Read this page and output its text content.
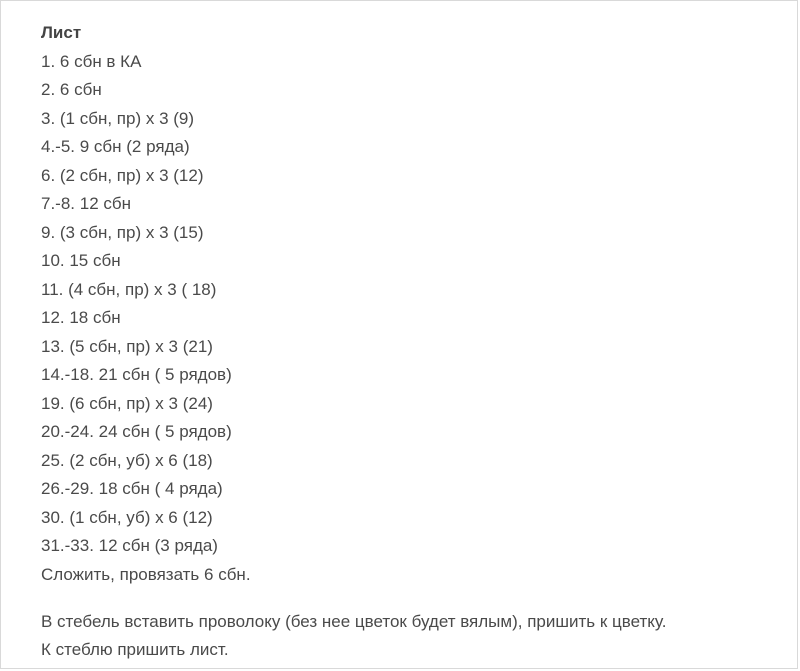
Лист
1. 6 сбн в КА
2. 6 сбн
3. (1 сбн, пр) х 3 (9)
4.-5. 9 сбн (2 ряда)
6. (2 сбн, пр) х 3 (12)
7.-8. 12 сбн
9. (3 сбн, пр) х 3 (15)
10. 15 сбн
11. (4 сбн, пр) х 3 ( 18)
12. 18 сбн
13. (5 сбн, пр) х 3 (21)
14.-18. 21 сбн ( 5 рядов)
19. (6 сбн, пр) х 3 (24)
20.-24. 24 сбн ( 5 рядов)
25. (2 сбн, уб) х 6 (18)
26.-29. 18 сбн ( 4 ряда)
30. (1 сбн, уб) х 6 (12)
31.-33. 12 сбн (3 ряда)
Сложить, провязать 6 сбн.
В стебель вставить проволоку (без нее цветок будет вялым), пришить к цветку.
К стеблю пришить лист.
